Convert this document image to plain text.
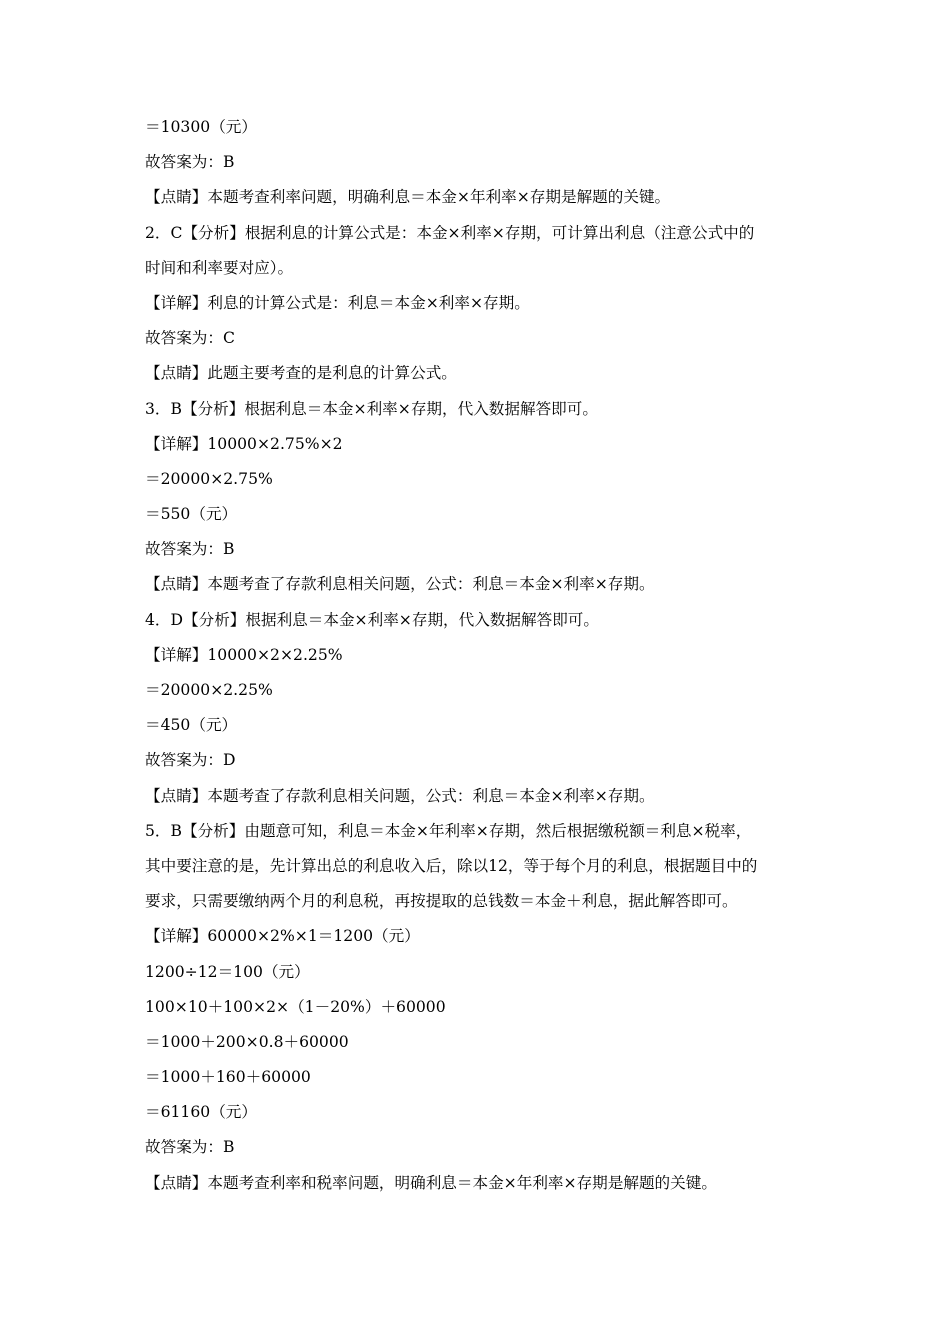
＝10300（元）
故答案为：B
【点睛】本题考查利率问题，明确利息＝本金×年利率×存期是解题的关键。
2．C【分析】根据利息的计算公式是：本金×利率×存期，可计算出利息（注意公式中的
时间和利率要对应）。
【详解】利息的计算公式是：利息＝本金×利率×存期。
故答案为：C
【点睛】此题主要考查的是利息的计算公式。
3．B【分析】根据利息＝本金×利率×存期，代入数据解答即可。
【详解】10000×2.75%×2
＝20000×2.75%
＝550（元）
故答案为：B
【点睛】本题考查了存款利息相关问题，公式：利息＝本金×利率×存期。
4．D【分析】根据利息＝本金×利率×存期，代入数据解答即可。
【详解】10000×2×2.25%
＝20000×2.25%
＝450（元）
故答案为：D
【点睛】本题考查了存款利息相关问题，公式：利息＝本金×利率×存期。
5．B【分析】由题意可知，利息＝本金×年利率×存期，然后根据缴税额＝利息×税率，
其中要注意的是，先计算出总的利息收入后，除以12，等于每个月的利息，根据题目中的
要求，只需要缴纳两个月的利息税，再按提取的总钱数＝本金＋利息，据此解答即可。
【详解】60000×2%×1＝1200（元）
1200÷12＝100（元）
100×10＋100×2×（1－20%）＋60000
＝1000＋200×0.8＋60000
＝1000＋160＋60000
＝61160（元）
故答案为：B
【点睛】本题考查利率和税率问题，明确利息＝本金×年利率×存期是解题的关键。
